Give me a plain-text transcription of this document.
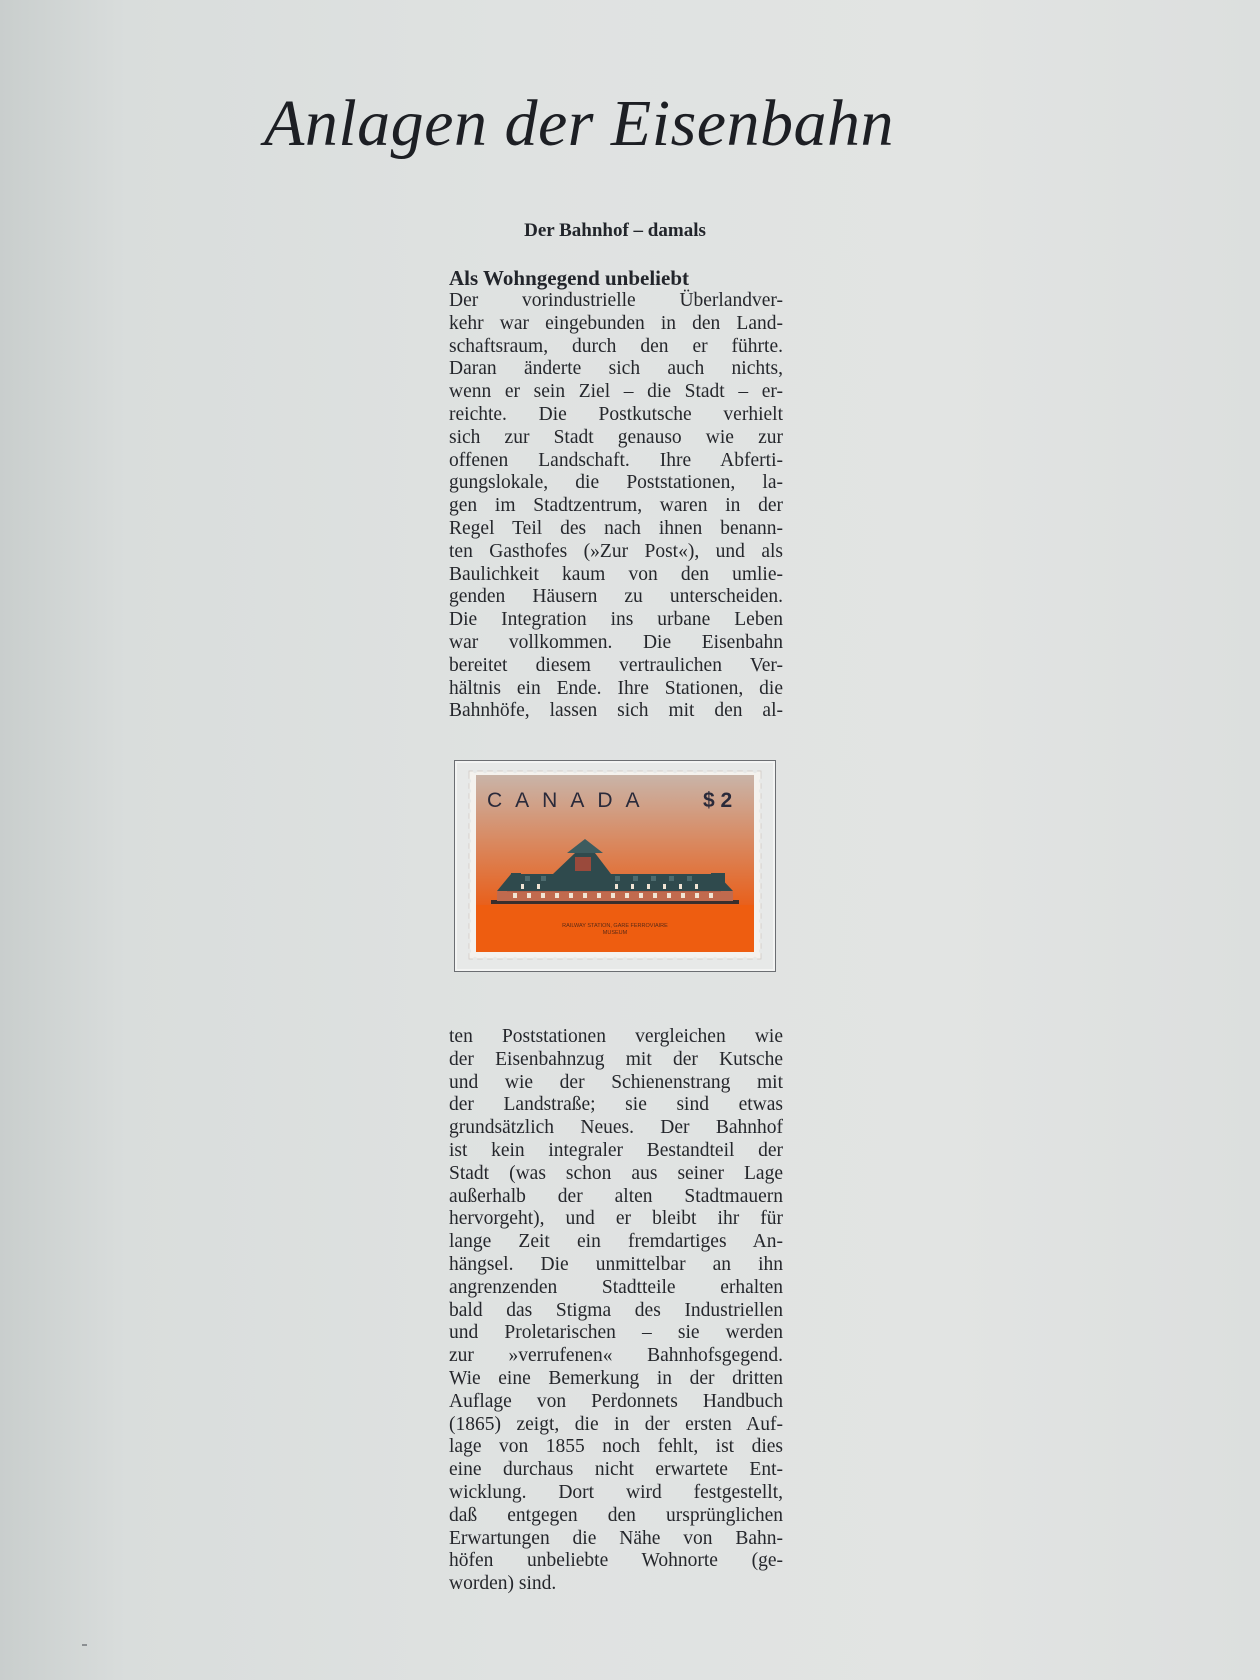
Anlagen der Eisenbahn
Der Bahnhof – damals
Als Wohngegend unbeliebt
Der vorindustrielle Überlandver-
kehr war eingebunden in den Land-
schaftsraum, durch den er führte.
Daran änderte sich auch nichts,
wenn er sein Ziel – die Stadt – er-
reichte. Die Postkutsche verhielt
sich zur Stadt genauso wie zur
offenen Landschaft. Ihre Abferti-
gungslokale, die Poststationen, la-
gen im Stadtzentrum, waren in der
Regel Teil des nach ihnen benann-
ten Gasthofes (»Zur Post«), und als
Baulichkeit kaum von den umlie-
genden Häusern zu unterscheiden.
Die Integration ins urbane Leben
war vollkommen. Die Eisenbahn
bereitet diesem vertraulichen Ver-
hältnis ein Ende. Ihre Stationen, die
Bahnhöfe, lassen sich mit den al-
CANADA $ 2
RAILWAY STATION, GARE FERROVIAIRE
MUSEUM
ten Poststationen vergleichen wie
der Eisenbahnzug mit der Kutsche
und wie der Schienenstrang mit
der Landstraße; sie sind etwas
grundsätzlich Neues. Der Bahnhof
ist kein integraler Bestandteil der
Stadt (was schon aus seiner Lage
außerhalb der alten Stadtmauern
hervorgeht), und er bleibt ihr für
lange Zeit ein fremdartiges An-
hängsel. Die unmittelbar an ihn
angrenzenden Stadtteile erhalten
bald das Stigma des Industriellen
und Proletarischen – sie werden
zur »verrufenen« Bahnhofsgegend.
Wie eine Bemerkung in der dritten
Auflage von Perdonnets Handbuch
(1865) zeigt, die in der ersten Auf-
lage von 1855 noch fehlt, ist dies
eine durchaus nicht erwartete Ent-
wicklung. Dort wird festgestellt,
daß entgegen den ursprünglichen
Erwartungen die Nähe von Bahn-
höfen unbeliebte Wohnorte (ge-
worden) sind.
